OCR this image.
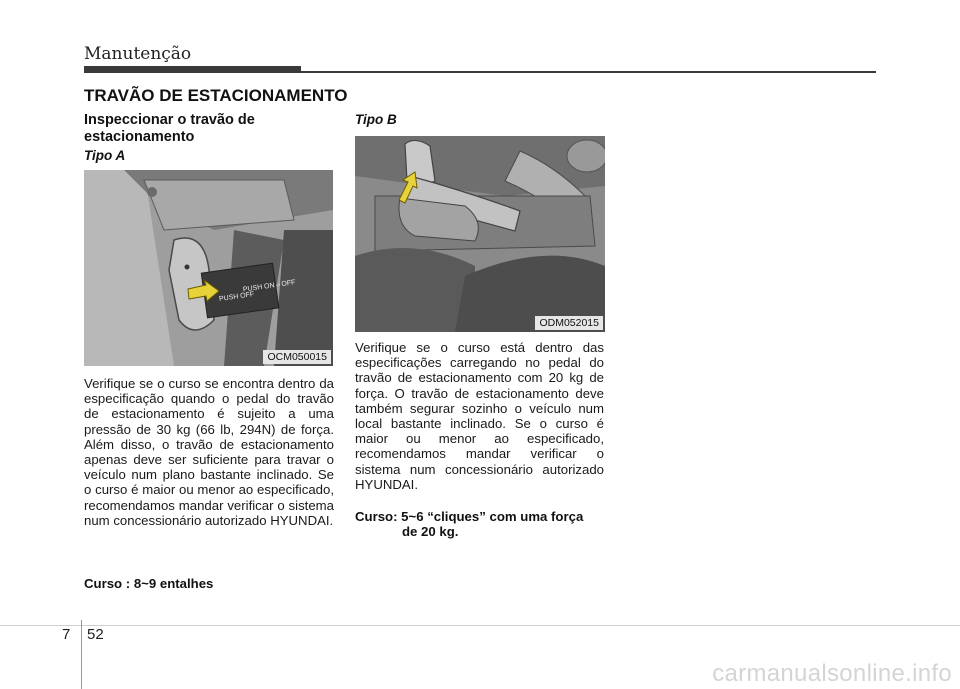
Manutenção
TRAVÃO DE ESTACIONAMENTO
Inspeccionar o travão de estacionamento
Tipo A
PUSH OFF
PUSH ON⇔OFF
OCM050015
Verifique se o curso se encontra dentro da especificação quando o pedal do travão de estacionamento é sujeito a uma pressão de 30 kg (66 lb, 294N) de força. Além disso, o travão de estacionamento apenas deve ser suficiente para travar o veículo num plano bastante inclinado. Se o curso é maior ou menor ao especificado, recomendamos mandar verificar o sistema num concessionário autorizado HYUNDAI.
Curso : 8~9 entalhes
Tipo B
ODM052015
Verifique se o curso está dentro das especificações carregando no pedal do travão de estacionamento com 20 kg de força. O travão de estacionamento deve também segurar sozinho o veículo num local bastante inclinado. Se o curso é maior ou menor ao especificado, recomendamos mandar verificar o sistema num concessionário autorizado HYUNDAI.
Curso: 5~6 “cliques” com uma força
de 20 kg.
7 52
carmanualsonline.info
